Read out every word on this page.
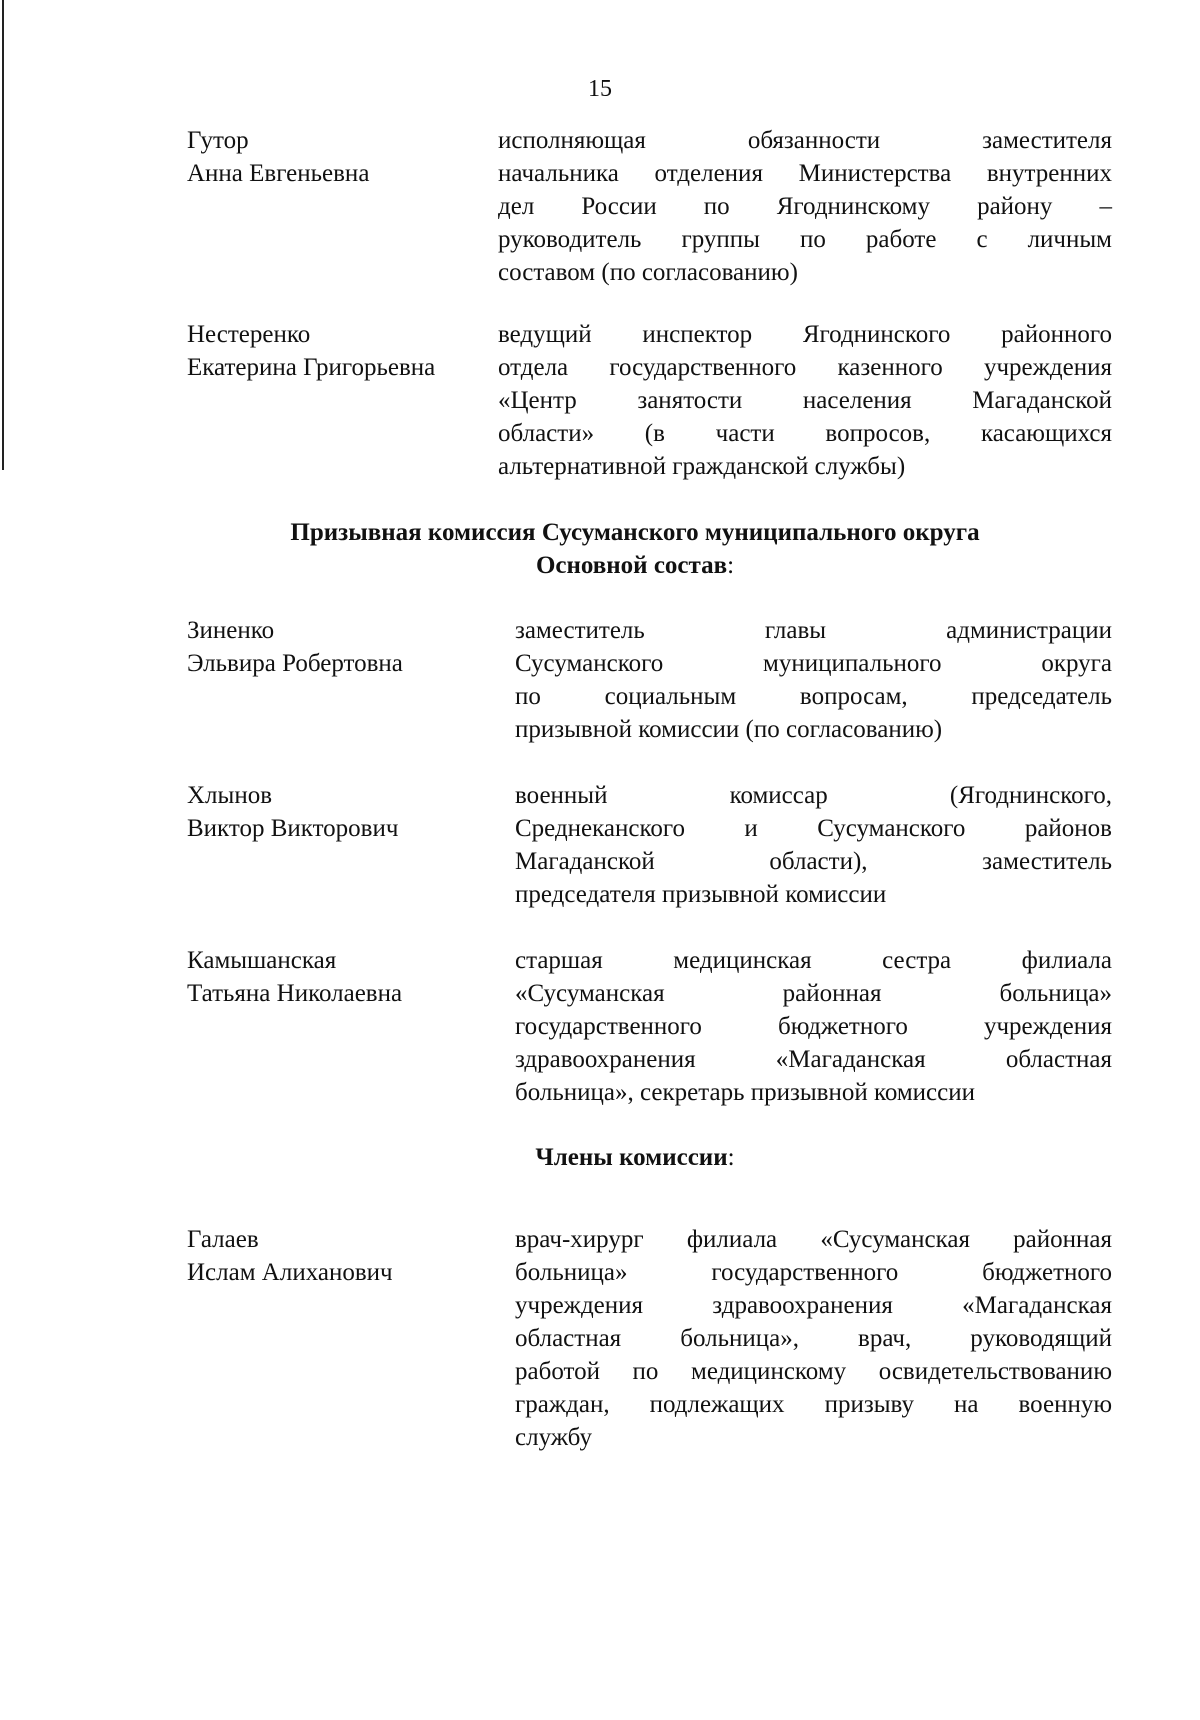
15
Гутор
Анна Евгеньевна
исполняющая обязанности заместителя
начальника отделения Министерства внутренних
дел России по Ягоднинскому району –
руководитель группы по работе с личным
составом (по согласованию)
Нестеренко
Екатерина Григорьевна
ведущий инспектор Ягоднинского районного
отдела государственного казенного учреждения
«Центр занятости населения Магаданской
области» (в части вопросов, касающихся
альтернативной гражданской службы)
Призывная комиссия Сусуманского муниципального округа
Основной состав:
Зиненко
Эльвира Робертовна
заместитель главы администрации
Сусуманского муниципального округа
по социальным вопросам, председатель
призывной комиссии (по согласованию)
Хлынов
Виктор Викторович
военный комиссар (Ягоднинского,
Среднеканского и Сусуманского районов
Магаданской области), заместитель
председателя призывной комиссии
Камышанская
Татьяна Николаевна
старшая медицинская сестра филиала
«Сусуманская районная больница»
государственного бюджетного учреждения
здравоохранения «Магаданская областная
больница», секретарь призывной комиссии
Члены комиссии:
Галаев
Ислам Алиханович
врач-хирург филиала «Сусуманская районная
больница» государственного бюджетного
учреждения здравоохранения «Магаданская
областная больница», врач, руководящий
работой по медицинскому освидетельствованию
граждан, подлежащих призыву на военную
службу
